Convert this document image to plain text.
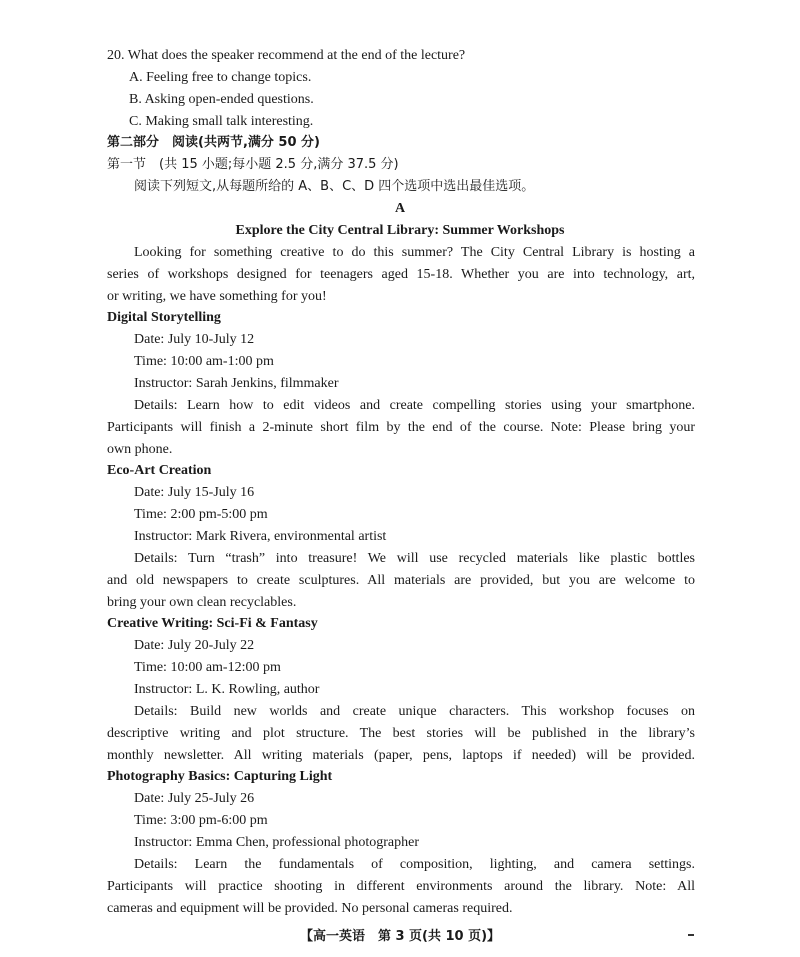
20. What does the speaker recommend at the end of the lecture?
A. Feeling free to change topics.
B. Asking open-ended questions.
C. Making small talk interesting.
第二部分　阅读(共两节,满分 50 分)
第一节　(共 15 小题;每小题 2.5 分,满分 37.5 分)
阅读下列短文,从每题所给的 A、B、C、D 四个选项中选出最佳选项。
A
Explore the City Central Library: Summer Workshops
Looking for something creative to do this summer? The City Central Library is hosting a
series of workshops designed for teenagers aged 15-18. Whether you are into technology, art,
or writing, we have something for you!
Digital Storytelling
Date: July 10-July 12
Time: 10:00 am-1:00 pm
Instructor: Sarah Jenkins, filmmaker
Details: Learn how to edit videos and create compelling stories using your smartphone.
Participants will finish a 2-minute short film by the end of the course. Note: Please bring your
own phone.
Eco-Art Creation
Date: July 15-July 16
Time: 2:00 pm-5:00 pm
Instructor: Mark Rivera, environmental artist
Details: Turn “trash” into treasure! We will use recycled materials like plastic bottles
and old newspapers to create sculptures. All materials are provided, but you are welcome to
bring your own clean recyclables.
Creative Writing: Sci-Fi & Fantasy
Date: July 20-July 22
Time: 10:00 am-12:00 pm
Instructor: L. K. Rowling, author
Details: Build new worlds and create unique characters. This workshop focuses on
descriptive writing and plot structure. The best stories will be published in the library’s
monthly newsletter. All writing materials (paper, pens, laptops if needed) will be provided.
Photography Basics: Capturing Light
Date: July 25-July 26
Time: 3:00 pm-6:00 pm
Instructor: Emma Chen, professional photographer
Details: Learn the fundamentals of composition, lighting, and camera settings.
Participants will practice shooting in different environments around the library. Note: All
cameras and equipment will be provided. No personal cameras required.
【高一英语　第 3 页(共 10 页)】
